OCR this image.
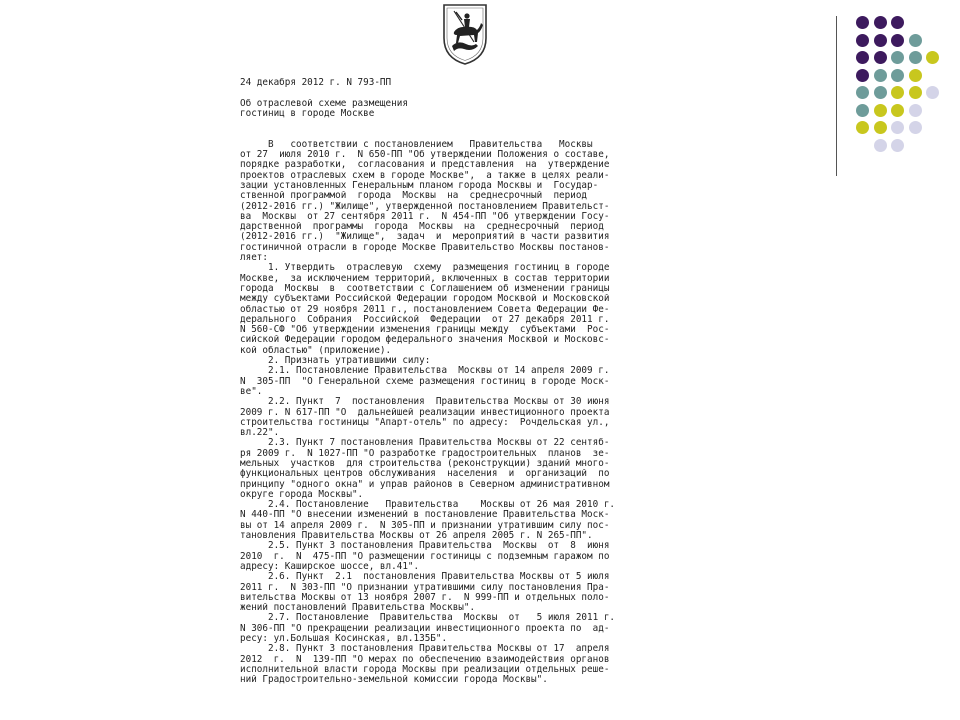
24 декабря 2012 г. N 793-ПП
Об отраслевой схеме размещения
гостиниц в городе Москве
В   соответствии с постановлением   Правительства   Москвы
от 27  июля 2010 г.  N 650-ПП "Об утверждении Положения о составе,
порядке разработки,  согласования и представления  на  утверждение
проектов отраслевых схем в городе Москве",  а также в целях реали-
зации установленных Генеральным планом города Москвы и  Государ-
ственной программой  города  Москвы  на  среднесрочный  период
(2012-2016 гг.) "Жилище", утвержденной постановлением Правительст-
ва  Москвы  от 27 сентября 2011 г.  N 454-ПП "Об утверждении Госу-
дарственной  программы  города  Москвы  на  среднесрочный  период
(2012-2016 гг.)  "Жилище",  задач  и  мероприятий в части развития
гостиничной отрасли в городе Москве Правительство Москвы постанов-
ляет:
1. Утвердить  отраслевую  схему  размещения гостиниц в городе
Москве,  за исключением территорий, включенных в состав территории
города  Москвы  в  соответствии с Соглашением об изменении границы
между субъектами Российской Федерации городом Москвой и Московской
областью от 29 ноября 2011 г., постановлением Совета Федерации Фе-
дерального  Собрания  Российской  Федерации  от 27 декабря 2011 г.
N 560-СФ "Об утверждении изменения границы между  субъектами  Рос-
сийской Федерации городом федерального значения Москвой и Московс-
кой областью" (приложение).
2. Признать утратившими силу:
2.1. Постановление Правительства  Москвы от 14 апреля 2009 г.
N  305-ПП  "О Генеральной схеме размещения гостиниц в городе Моск-
ве".
2.2. Пункт  7  постановления  Правительства Москвы от 30 июня
2009 г. N 617-ПП "О  дальнейшей реализации инвестиционного проекта
строительства гостиницы "Апарт-отель" по адресу:  Рочдельская ул.,
вл.22".
2.3. Пункт 7 постановления Правительства Москвы от 22 сентяб-
ря 2009 г.  N 1027-ПП "О разработке градостроительных  планов  зе-
мельных  участков  для строительства (реконструкции) зданий много-
функциональных центров обслуживания  населения  и  организаций  по
принципу "одного окна" и управ районов в Северном административном
округе города Москвы".
2.4. Постановление   Правительства    Москвы от 26 мая 2010 г.
N 440-ПП "О внесении изменений в постановление Правительства Моск-
вы от 14 апреля 2009 г.  N 305-ПП и признании утратившим силу пос-
тановления Правительства Москвы от 26 апреля 2005 г. N 265-ПП".
2.5. Пункт 3 постановления Правительства  Москвы  от  8  июня
2010  г.  N  475-ПП "О размещении гостиницы с подземным гаражом по
адресу: Каширское шоссе, вл.41".
2.6. Пункт  2.1  постановления Правительства Москвы от 5 июля
2011 г.  N 303-ПП "О признании утратившими силу постановления Пра-
вительства Москвы от 13 ноября 2007 г.  N 999-ПП и отдельных поло-
жений постановлений Правительства Москвы".
2.7. Постановление  Правительства  Москвы  от   5 июля 2011 г.
N 306-ПП "О прекращении реализации инвестиционного проекта по  ад-
ресу: ул.Большая Косинская, вл.135Б".
2.8. Пункт 3 постановления Правительства Москвы от 17  апреля
2012  г.  N  139-ПП "О мерах по обеспечению взаимодействия органов
исполнительной власти города Москвы при реализации отдельных решe-
ний Градостроительно-земельной комиссии города Москвы".
